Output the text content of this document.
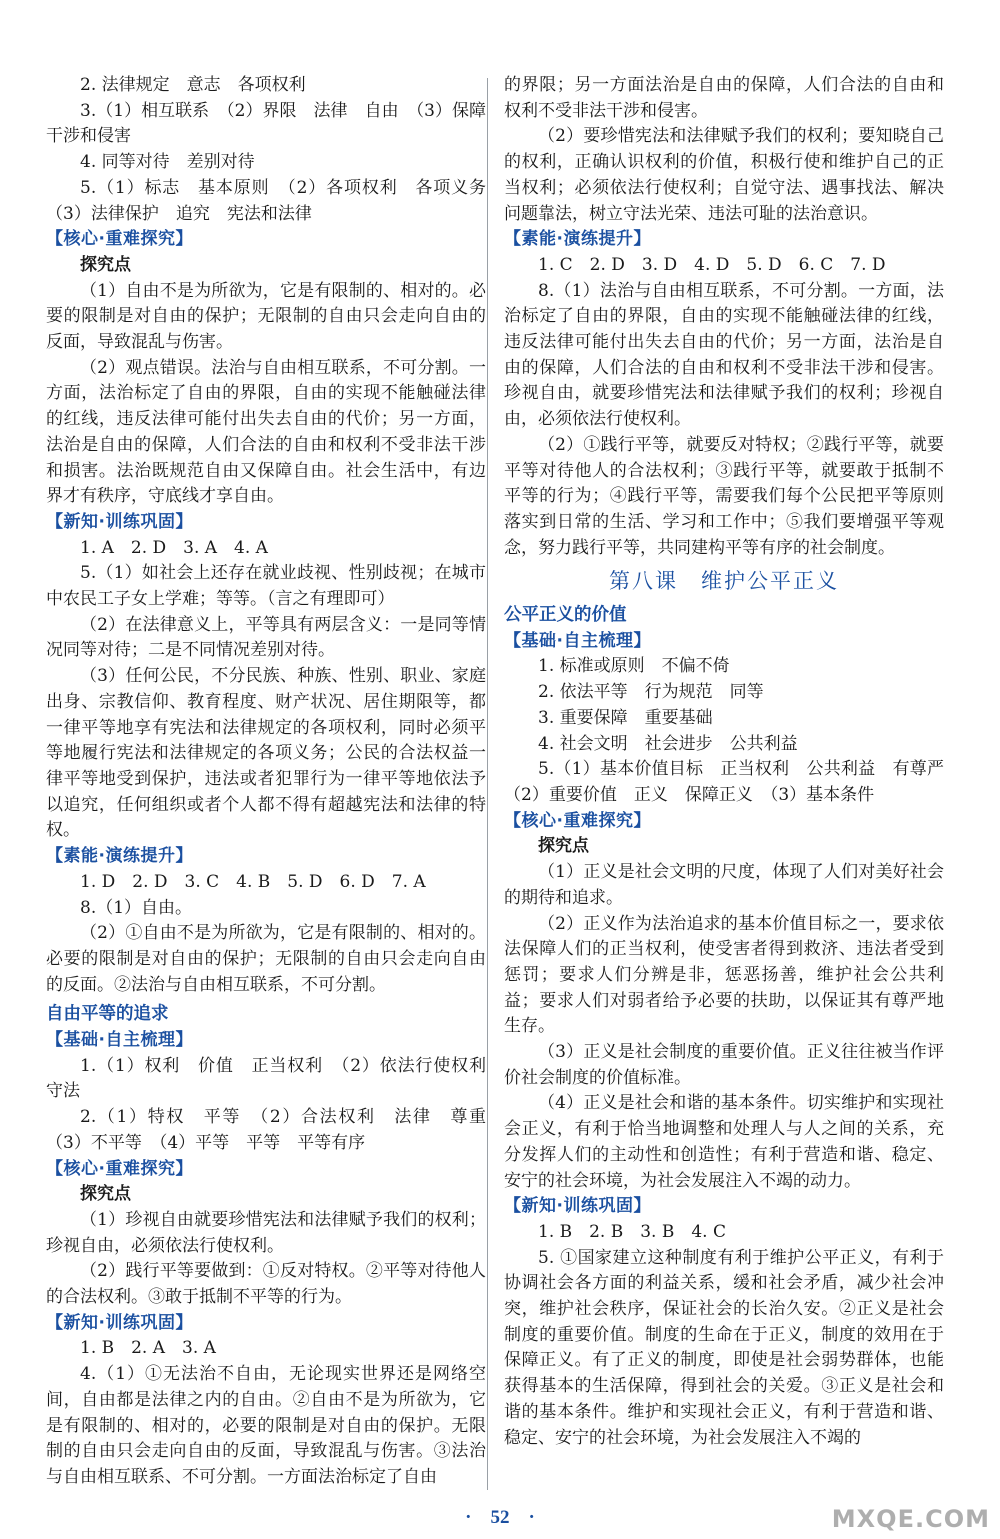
2. 法律规定　意志　各项权利

3.（1）相互联系　（2）界限　法律　自由　（3）保障干涉和侵害

4. 同等对待　差别对待

5.（1）标志　基本原则　（2）各项权利　各项义务　（3）法律保护　追究　宪法和法律

【核心·重难探究】

探究点

（1）自由不是为所欲为，它是有限制的、相对的。必要的限制是对自由的保护；无限制的自由只会走向自由的反面，导致混乱与伤害。

（2）观点错误。法治与自由相互联系，不可分割。一方面，法治标定了自由的界限，自由的实现不能触碰法律的红线，违反法律可能付出失去自由的代价；另一方面，法治是自由的保障，人们合法的自由和权利不受非法干涉和损害。法治既规范自由又保障自由。社会生活中，有边界才有秩序，守底线才享自由。

【新知·训练巩固】

1. A　2. D　3. A　4. A

5.（1）如社会上还存在就业歧视、性别歧视；在城市中农民工子女上学难；等等。（言之有理即可）

（2）在法律意义上，平等具有两层含义：一是同等情况同等对待；二是不同情况差别对待。

（3）任何公民，不分民族、种族、性别、职业、家庭出身、宗教信仰、教育程度、财产状况、居住期限等，都一律平等地享有宪法和法律规定的各项权利，同时必须平等地履行宪法和法律规定的各项义务；公民的合法权益一律平等地受到保护，违法或者犯罪行为一律平等地依法予以追究，任何组织或者个人都不得有超越宪法和法律的特权。

【素能·演练提升】

1. D　2. D　3. C　4. B　5. D　6. D　7. A

8.（1）自由。

（2）①自由不是为所欲为，它是有限制的、相对的。必要的限制是对自由的保护；无限制的自由只会走向自由的反面。②法治与自由相互联系，不可分割。

自由平等的追求

【基础·自主梳理】

1.（1）权利　价值　正当权利　（2）依法行使权利　守法

2.（1）特权　平等　（2）合法权利　法律　尊重　（3）不平等　（4）平等　平等　平等有序

【核心·重难探究】

探究点

（1）珍视自由就要珍惜宪法和法律赋予我们的权利；珍视自由，必须依法行使权利。

（2）践行平等要做到：①反对特权。②平等对待他人的合法权利。③敢于抵制不平等的行为。

【新知·训练巩固】

1. B　2. A　3. A

4.（1）①无法治不自由，无论现实世界还是网络空间，自由都是法律之内的自由。②自由不是为所欲为，它是有限制的、相对的，必要的限制是对自由的保护。无限制的自由只会走向自由的反面，导致混乱与伤害。③法治与自由相互联系、不可分割。一方面法治标定了自由

的界限；另一方面法治是自由的保障，人们合法的自由和权利不受非法干涉和侵害。

（2）要珍惜宪法和法律赋予我们的权利；要知晓自己的权利，正确认识权利的价值，积极行使和维护自己的正当权利；必须依法行使权利；自觉守法、遇事找法、解决问题靠法，树立守法光荣、违法可耻的法治意识。

【素能·演练提升】

1. C　2. D　3. D　4. D　5. D　6. C　7. D

8.（1）法治与自由相互联系，不可分割。一方面，法治标定了自由的界限，自由的实现不能触碰法律的红线，违反法律可能付出失去自由的代价；另一方面，法治是自由的保障，人们合法的自由和权利不受非法干涉和侵害。珍视自由，就要珍惜宪法和法律赋予我们的权利；珍视自由，必须依法行使权利。

（2）①践行平等，就要反对特权；②践行平等，就要平等对待他人的合法权利；③践行平等，就要敢于抵制不平等的行为；④践行平等，需要我们每个公民把平等原则落实到日常的生活、学习和工作中；⑤我们要增强平等观念，努力践行平等，共同建构平等有序的社会制度。

第八课　维护公平正义

公平正义的价值

【基础·自主梳理】

1. 标准或原则　不偏不倚

2. 依法平等　行为规范　同等

3. 重要保障　重要基础

4. 社会文明　社会进步　公共利益

5.（1）基本价值目标　正当权利　公共利益　有尊严　（2）重要价值　正义　保障正义　（3）基本条件

【核心·重难探究】

探究点

（1）正义是社会文明的尺度，体现了人们对美好社会的期待和追求。

（2）正义作为法治追求的基本价值目标之一，要求依法保障人们的正当权利，使受害者得到救济、违法者受到惩罚；要求人们分辨是非，惩恶扬善，维护社会公共利益；要求人们对弱者给予必要的扶助，以保证其有尊严地生存。

（3）正义是社会制度的重要价值。正义往往被当作评价社会制度的价值标准。

（4）正义是社会和谐的基本条件。切实维护和实现社会正义，有利于恰当地调整和处理人与人之间的关系，充分发挥人们的主动性和创造性；有利于营造和谐、稳定、安宁的社会环境，为社会发展注入不竭的动力。

【新知·训练巩固】

1. B　2. B　3. B　4. C

5. ①国家建立这种制度有利于维护公平正义，有利于协调社会各方面的利益关系，缓和社会矛盾，减少社会冲突，维护社会秩序，保证社会的长治久安。②正义是社会制度的重要价值。制度的生命在于正义，制度的效用在于保障正义。有了正义的制度，即使是社会弱势群体，也能获得基本的生活保障，得到社会的关爱。③正义是社会和谐的基本条件。维护和实现社会正义，有利于营造和谐、稳定、安宁的社会环境，为社会发展注入不竭的

·　52　·	MXQE.COM
